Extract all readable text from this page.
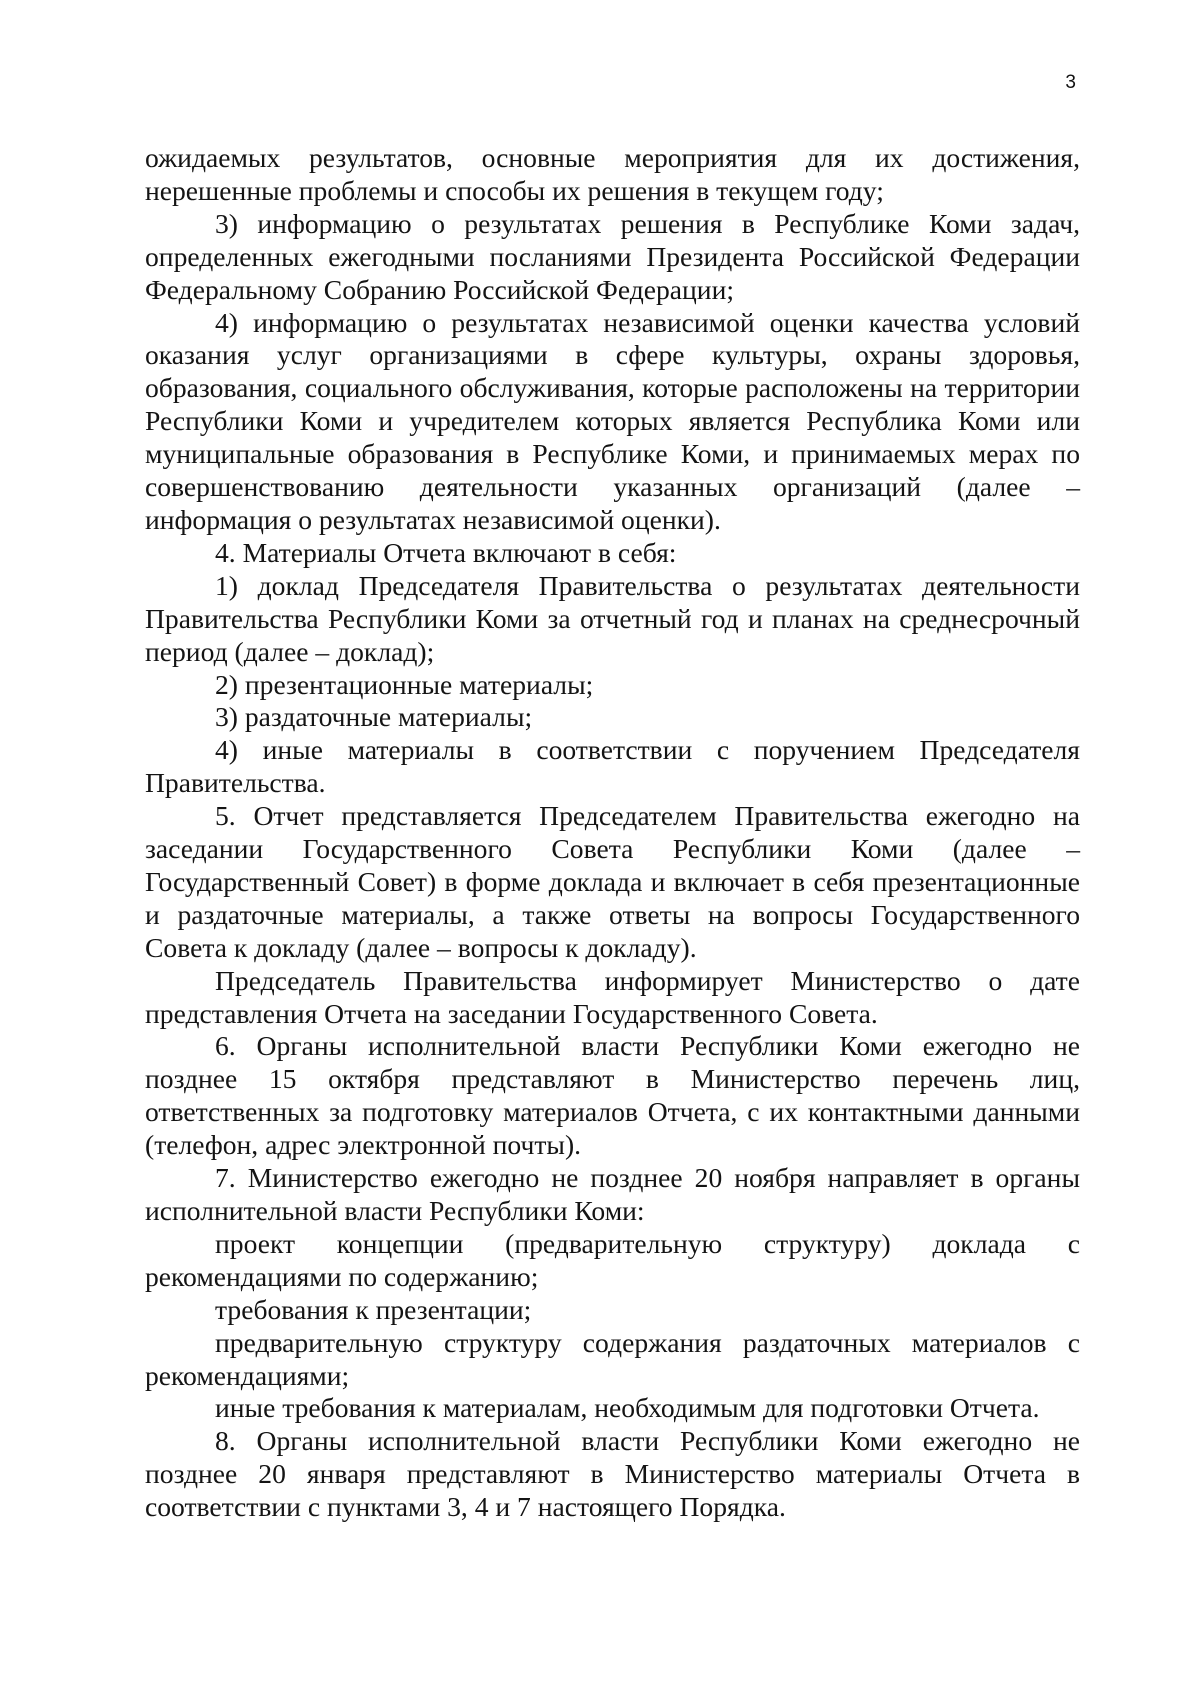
3

ожидаемых результатов, основные мероприятия для их достижения, нерешенные проблемы и способы их решения в текущем году;

3) информацию о результатах решения в Республике Коми задач, определенных ежегодными посланиями Президента Российской Федерации Федеральному Собранию Российской Федерации;

4) информацию о результатах независимой оценки качества условий оказания услуг организациями в сфере культуры, охраны здоровья, образования, социального обслуживания, которые расположены на территории Республики Коми и учредителем которых является Республика Коми или муниципальные образования в Республике Коми, и принимаемых мерах по совершенствованию деятельности указанных организаций (далее – информация о результатах независимой оценки).

4. Материалы Отчета включают в себя:

1) доклад Председателя Правительства о результатах деятельности Правительства Республики Коми за отчетный год и планах на среднесрочный период (далее – доклад);

2) презентационные материалы;

3) раздаточные материалы;

4) иные материалы в соответствии с поручением Председателя Правительства.

5. Отчет представляется Председателем Правительства ежегодно на заседании Государственного Совета Республики Коми (далее – Государственный Совет) в форме доклада и включает в себя презентационные и раздаточные материалы, а также ответы на вопросы Государственного Совета к докладу (далее – вопросы к докладу).

Председатель Правительства информирует Министерство о дате представления Отчета на заседании Государственного Совета.

6. Органы исполнительной власти Республики Коми ежегодно не позднее 15 октября представляют в Министерство перечень лиц, ответственных за подготовку материалов Отчета, с их контактными данными (телефон, адрес электронной почты).

7. Министерство ежегодно не позднее 20 ноября направляет в органы исполнительной власти Республики Коми:

проект концепции (предварительную структуру) доклада с рекомендациями по содержанию;

требования к презентации;

предварительную структуру содержания раздаточных материалов с рекомендациями;

иные требования к материалам, необходимым для подготовки Отчета.

8. Органы исполнительной власти Республики Коми ежегодно не позднее 20 января представляют в Министерство материалы Отчета в соответствии с пунктами 3, 4 и 7 настоящего Порядка.
